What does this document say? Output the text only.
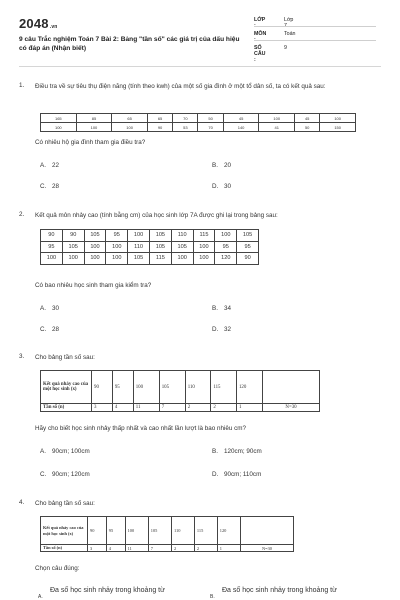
2048.vn
9 câu Trắc nghiệm Toán 7 Bài 2: Bảng "tần số" các giá trị của dấu hiệu có đáp án (Nhận biết)
LỚP :
Lớp 7
MÔN :
Toán
SỐ CÂU :
9
1. Điều tra về sự tiêu thụ điện năng (tính theo kwh) của một số gia đình ở một tổ dân số, ta có kết quả sau:
165	85	65	65	70	50	45	100	45	100
100	100	100	90	53	70	140	41	50	150
Có nhiêu hộ gia đình tham gia điều tra?
A. 22	B. 20
C. 28	D. 30
2. Kết quả môn nhảy cao (tính bằng cm) của học sinh lớp 7A được ghi lại trong bảng sau:
90	90	105	95	100	105	110	115	100	105
95	105	100	100	110	105	105	100	95	95
100	100	100	100	105	115	100	100	120	90
Có bao nhiêu học sinh tham gia kiểm tra?
A. 30	B. 34
C. 28	D. 32
3. Cho bảng tần số sau:
Kết quả nhảy cao của một học sinh (x)	90	95	100	105	110	115	120	
Tần số (n)	3	4	11	7	2	2	1	N=30
Hãy cho biết học sinh nhảy thấp nhất và cao nhất lần lượt là bao nhiêu cm?
A. 90cm; 100cm	B. 120cm; 90cm
C. 90cm; 120cm	D. 90cm; 110cm
4. Cho bảng tần số sau:
Kết quả nhảy cao của một học sinh (x)	90	95	100	105	110	115	120	
Tần số (n)	3	4	11	7	2	2	1	N=30
Chọn câu đúng:
A.Đa số học sinh nhảy trong khoảng từ
B.Đa số học sinh nhảy trong khoảng từ
